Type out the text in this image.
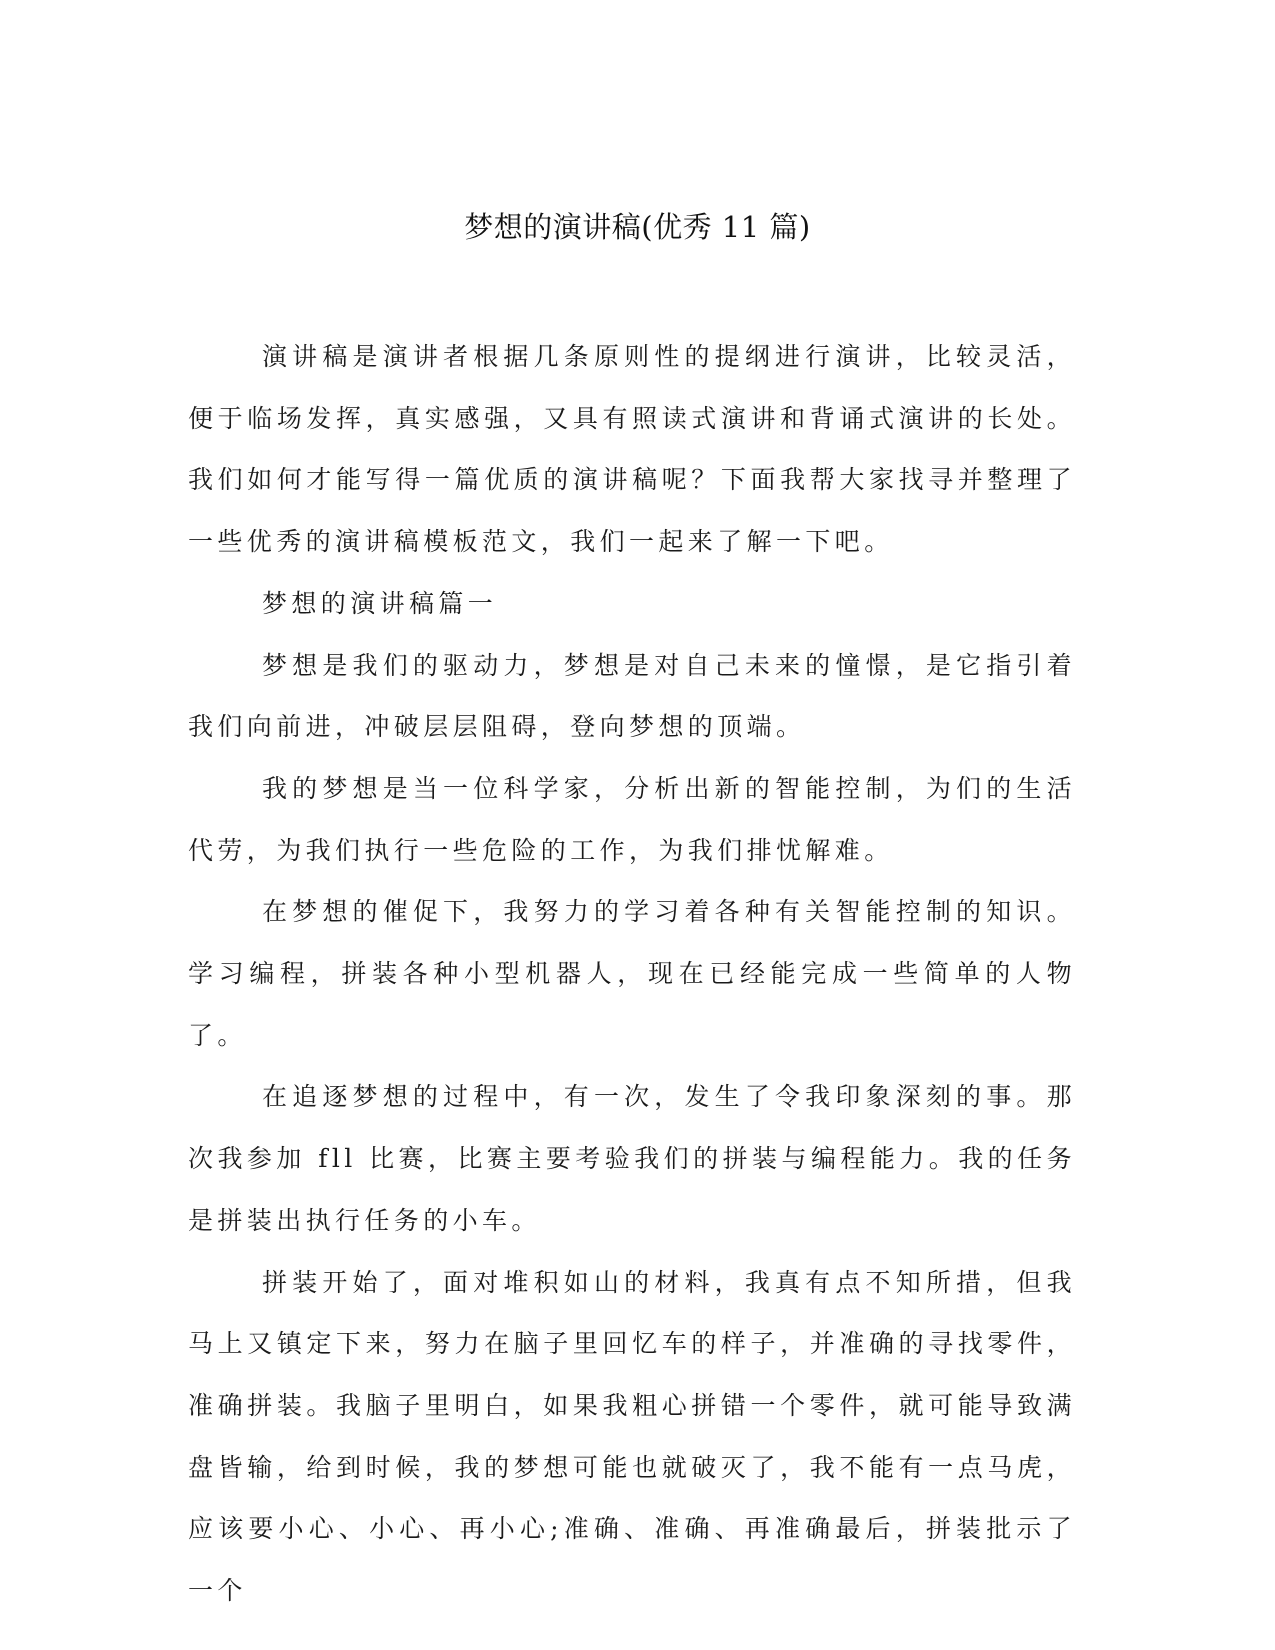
梦想的演讲稿(优秀 11 篇)

演讲稿是演讲者根据几条原则性的提纲进行演讲，比较灵活，便于临场发挥，真实感强，又具有照读式演讲和背诵式演讲的长处。我们如何才能写得一篇优质的演讲稿呢？下面我帮大家找寻并整理了一些优秀的演讲稿模板范文，我们一起来了解一下吧。

梦想的演讲稿篇一

梦想是我们的驱动力，梦想是对自己未来的憧憬，是它指引着我们向前进，冲破层层阻碍，登向梦想的顶端。

我的梦想是当一位科学家，分析出新的智能控制，为们的生活代劳，为我们执行一些危险的工作，为我们排忧解难。

在梦想的催促下，我努力的学习着各种有关智能控制的知识。学习编程，拼装各种小型机器人，现在已经能完成一些简单的人物了。

在追逐梦想的过程中，有一次，发生了令我印象深刻的事。那次我参加 fll 比赛，比赛主要考验我们的拼装与编程能力。我的任务是拼装出执行任务的小车。

拼装开始了，面对堆积如山的材料，我真有点不知所措，但我马上又镇定下来，努力在脑子里回忆车的样子，并准确的寻找零件，准确拼装。我脑子里明白，如果我粗心拼错一个零件，就可能导致满盘皆输，给到时候，我的梦想可能也就破灭了，我不能有一点马虎，应该要小心、小心、再小心;准确、准确、再准确最后，拼装批示了一个
